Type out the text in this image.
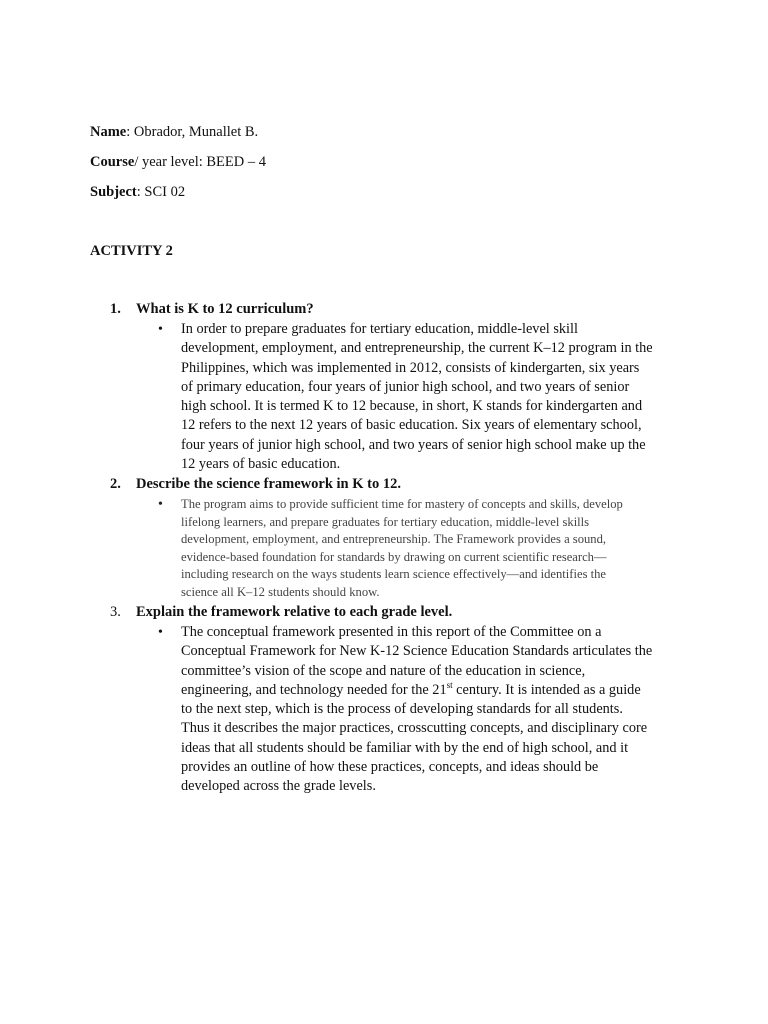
Name: Obrador, Munallet B.
Course/ year level: BEED – 4
Subject: SCI 02
ACTIVITY 2
1. What is K to 12 curriculum?
• In order to prepare graduates for tertiary education, middle-level skill
development, employment, and entrepreneurship, the current K–12 program in the
Philippines, which was implemented in 2012, consists of kindergarten, six years
of primary education, four years of junior high school, and two years of senior
high school. It is termed K to 12 because, in short, K stands for kindergarten and
12 refers to the next 12 years of basic education. Six years of elementary school,
four years of junior high school, and two years of senior high school make up the
12 years of basic education.
2. Describe the science framework in K to 12.
• The program aims to provide sufficient time for mastery of concepts and skills, develop
lifelong learners, and prepare graduates for tertiary education, middle-level skills
development, employment, and entrepreneurship. The Framework provides a sound,
evidence-based foundation for standards by drawing on current scientific research—
including research on the ways students learn science effectively—and identifies the
science all K–12 students should know.
3. Explain the framework relative to each grade level.
• The conceptual framework presented in this report of the Committee on a
Conceptual Framework for New K-12 Science Education Standards articulates the
committee’s vision of the scope and nature of the education in science,
engineering, and technology needed for the 21st century. It is intended as a guide
to the next step, which is the process of developing standards for all students.
Thus it describes the major practices, crosscutting concepts, and disciplinary core
ideas that all students should be familiar with by the end of high school, and it
provides an outline of how these practices, concepts, and ideas should be
developed across the grade levels.
